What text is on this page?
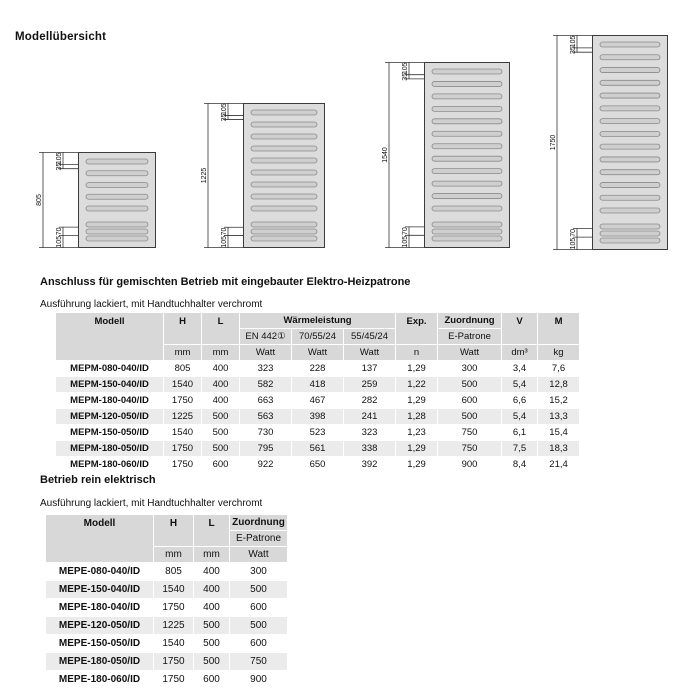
Modellübersicht
805
105
35
70
105
1225
105
35
70
105
1540
105
35
70
105
1750
105
35
70
105
Anschluss für gemischten Betrieb mit eingebauter Elektro-Heizpatrone
Ausführung lackiert, mit Handtuchhalter verchromt
Modell	H	L	Wärmeleistung			Exp.	Zuordnung	V	M
			EN 442①	70/55/24	55/45/24		E-Patrone		
	mm	mm	Watt	Watt	Watt	n	Watt	dm³	kg
MEPM-080-040/ID	805	400	323	228	137	1,29	300	3,4	7,6
MEPM-150-040/ID	1540	400	582	418	259	1,22	500	5,4	12,8
MEPM-180-040/ID	1750	400	663	467	282	1,29	600	6,6	15,2
MEPM-120-050/ID	1225	500	563	398	241	1,28	500	5,4	13,3
MEPM-150-050/ID	1540	500	730	523	323	1,23	750	6,1	15,4
MEPM-180-050/ID	1750	500	795	561	338	1,29	750	7,5	18,3
MEPM-180-060/ID	1750	600	922	650	392	1,29	900	8,4	21,4
Betrieb rein elektrisch
Ausführung lackiert, mit Handtuchhalter verchromt
Modell	H	L	Zuordnung
			E-Patrone
	mm	mm	Watt
MEPE-080-040/ID	805	400	300
MEPE-150-040/ID	1540	400	500
MEPE-180-040/ID	1750	400	600
MEPE-120-050/ID	1225	500	500
MEPE-150-050/ID	1540	500	600
MEPE-180-050/ID	1750	500	750
MEPE-180-060/ID	1750	600	900
